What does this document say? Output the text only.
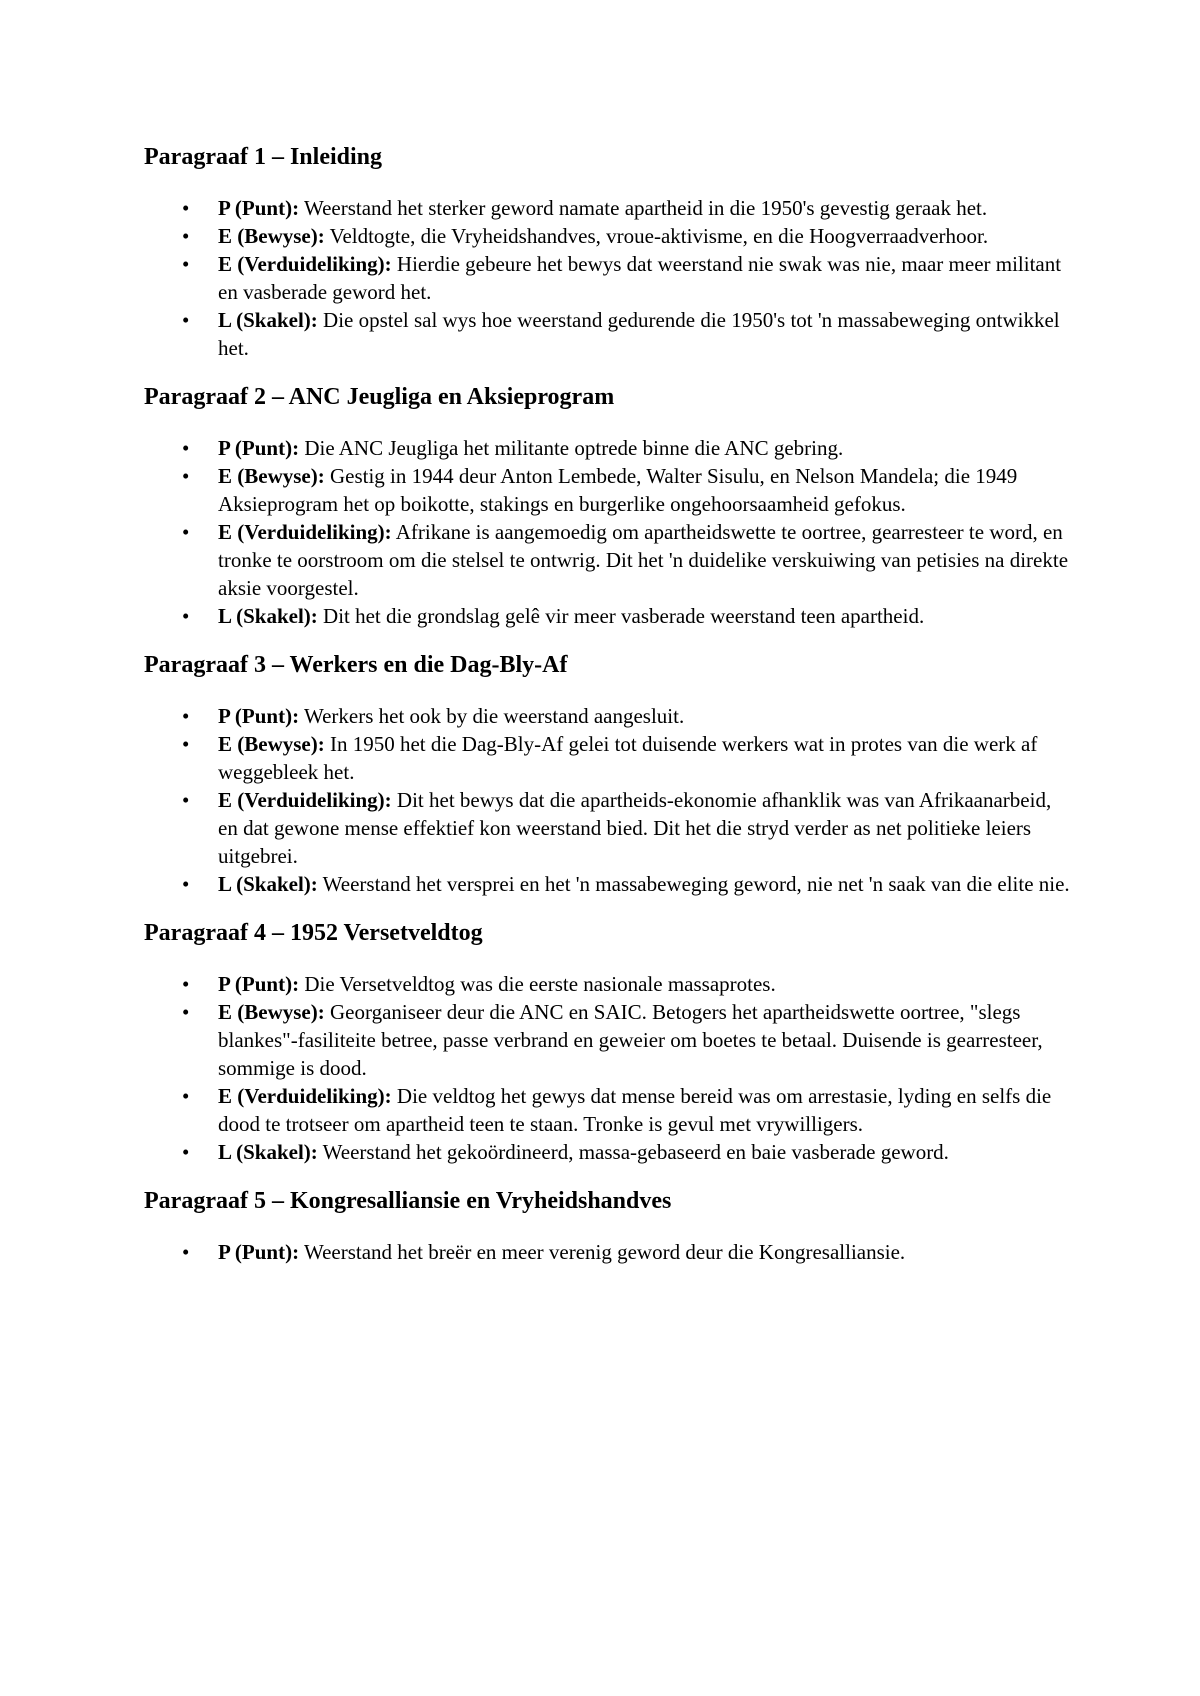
Paragraaf 1 – Inleiding
• P (Punt): Weerstand het sterker geword namate apartheid in die 1950's gevestig geraak het.
• E (Bewyse): Veldtogte, die Vryheidshandves, vroue-aktivisme, en die Hoogverraadverhoor.
• E (Verduideliking): Hierdie gebeure het bewys dat weerstand nie swak was nie, maar meer militant en vasberade geword het.
• L (Skakel): Die opstel sal wys hoe weerstand gedurende die 1950's tot 'n massabeweging ontwikkel het.
Paragraaf 2 – ANC Jeugliga en Aksieprogram
• P (Punt): Die ANC Jeugliga het militante optrede binne die ANC gebring.
• E (Bewyse): Gestig in 1944 deur Anton Lembede, Walter Sisulu, en Nelson Mandela; die 1949 Aksieprogram het op boikotte, stakings en burgerlike ongehoorsaamheid gefokus.
• E (Verduideliking): Afrikane is aangemoedig om apartheidswette te oortree, gearresteer te word, en tronke te oorstroom om die stelsel te ontwrig. Dit het 'n duidelike verskuiwing van petisies na direkte aksie voorgestel.
• L (Skakel): Dit het die grondslag gelê vir meer vasberade weerstand teen apartheid.
Paragraaf 3 – Werkers en die Dag-Bly-Af
• P (Punt): Werkers het ook by die weerstand aangesluit.
• E (Bewyse): In 1950 het die Dag-Bly-Af gelei tot duisende werkers wat in protes van die werk af weggebleek het.
• E (Verduideliking): Dit het bewys dat die apartheids-ekonomie afhanklik was van Afrikaanarbeid, en dat gewone mense effektief kon weerstand bied. Dit het die stryd verder as net politieke leiers uitgebrei.
• L (Skakel): Weerstand het versprei en het 'n massabeweging geword, nie net 'n saak van die elite nie.
Paragraaf 4 – 1952 Versetveldtog
• P (Punt): Die Versetveldtog was die eerste nasionale massaprotes.
• E (Bewyse): Georganiseer deur die ANC en SAIC. Betogers het apartheidswette oortree, "slegs blankes"-fasiliteite betree, passe verbrand en geweier om boetes te betaal. Duisende is gearresteer, sommige is dood.
• E (Verduideliking): Die veldtog het gewys dat mense bereid was om arrestasie, lyding en selfs die dood te trotseer om apartheid teen te staan. Tronke is gevul met vrywilligers.
• L (Skakel): Weerstand het gekoördineerd, massa-gebaseerd en baie vasberade geword.
Paragraaf 5 – Kongresalliansie en Vryheidshandves
• P (Punt): Weerstand het breër en meer verenig geword deur die Kongresalliansie.
